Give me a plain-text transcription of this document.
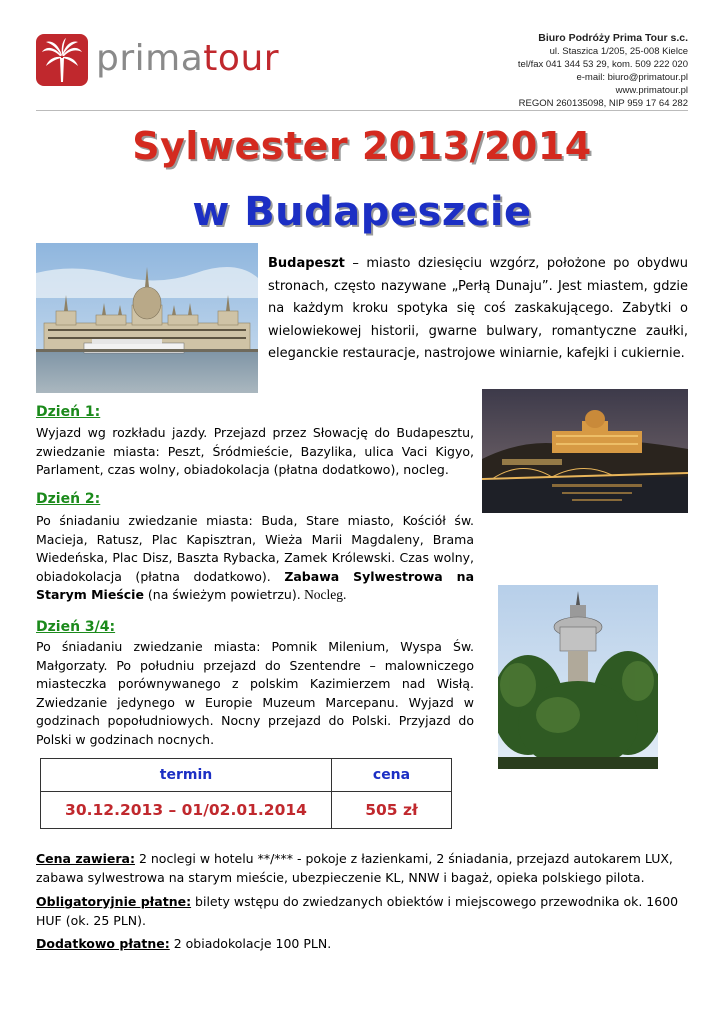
primatour	Biuro Podróży Prima Tour s.c.
ul. Staszica 1/205, 25-008 Kielce
tel/fax 041 344 53 29, kom. 509 222 020
e-mail: biuro@primatour.pl
www.primatour.pl
REGON 260135098, NIP 959 17 64 282
Sylwester 2013/2014
w Budapeszcie
Budapeszt – miasto dziesięciu wzgórz, położone po obydwu stronach, często nazywane „Perłą Dunaju”. Jest miastem, gdzie na każdym kroku spotyka się coś zaskakującego. Zabytki o wielowiekowej historii, gwarne bulwary, romantyczne zaułki, eleganckie restauracje, nastrojowe winiarnie, kafejki i cukiernie.
Dzień 1:
Wyjazd wg rozkładu jazdy. Przejazd przez Słowację do Budapesztu, zwiedzanie miasta: Peszt, Śródmieście, Bazylika, ulica Vaci Kigyo, Parlament, czas wolny, obiadokolacja (płatna dodatkowo), nocleg.
Dzień 2:
Po śniadaniu zwiedzanie miasta: Buda, Stare miasto, Kościół św. Macieja, Ratusz, Plac Kapisztran, Wieża Marii Magdaleny, Brama Wiedeńska, Plac Disz, Baszta Rybacka, Zamek Królewski. Czas wolny, obiadokolacja (płatna dodatkowo). Zabawa Sylwestrowa na Starym Mieście (na świeżym powietrzu). Nocleg.
Dzień 3/4:
Po śniadaniu zwiedzanie miasta: Pomnik Milenium, Wyspa Św. Małgorzaty. Po południu przejazd do Szentendre – malowniczego miasteczka porównywanego z polskim Kazimierzem nad Wisłą. Zwiedzanie jedynego w Europie Muzeum Marcepanu. Wyjazd w godzinach popołudniowych. Nocny przejazd do Polski. Przyjazd do Polski w godzinach nocnych.
termin	cena
30.12.2013 – 01/02.01.2014	505 zł
Cena zawiera: 2 noclegi w hotelu **/*** - pokoje z łazienkami, 2 śniadania, przejazd autokarem LUX, zabawa sylwestrowa na starym mieście, ubezpieczenie KL, NNW i bagaż, opieka polskiego pilota.
Obligatoryjnie płatne: bilety wstępu do zwiedzanych obiektów i miejscowego przewodnika ok. 1600 HUF (ok. 25 PLN).
Dodatkowo płatne: 2 obiadokolacje 100 PLN.
